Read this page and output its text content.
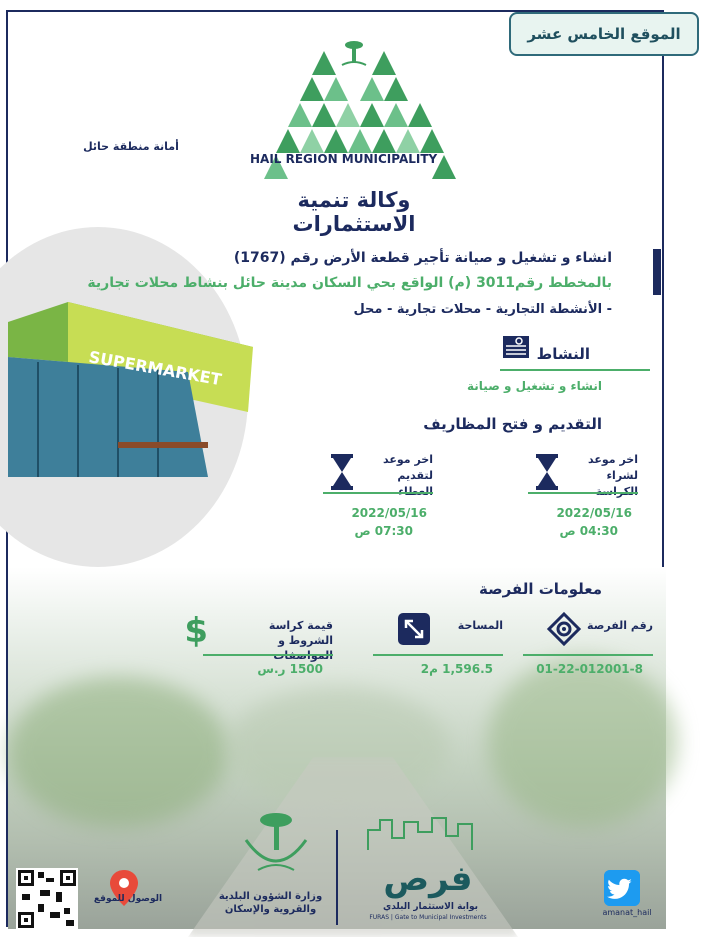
SUPERMARKET
أمانة منطقة حائل
HAIL REGION MUNICIPALITY
وكالة تنمية الاستثمارات
انشاء و تشغيل و صيانة تأجير قطعة الأرض رقم (1767)
بالمخطط رقم3011 (م) الواقع بحي السكان مدينة حائل بنشاط محلات تجارية
- الأنشطة التجارية - محلات تجارية - محل
النشاط
انشاء و تشغيل و صيانة
التقديم و فتح المظاريف
اخر موعد
لشراء
2022/05/16
04:30 ص
اخر موعد
لتقديم
2022/05/16
07:30 ص
معلومات الفرصة
رقم الفرصة
01-22-012001-8
المساحة
1,596.5 م2
$	قيمة كراسة
الشروط و
1500 ر.س
الوصول للموقع	وزارة الشؤون البلدية
والقروية والإسكان
فرص
بوابة الاستثمار البلدي
FURAS | Gate to Municipal Investments
amanat_hail
الموقع الخامس عشر
